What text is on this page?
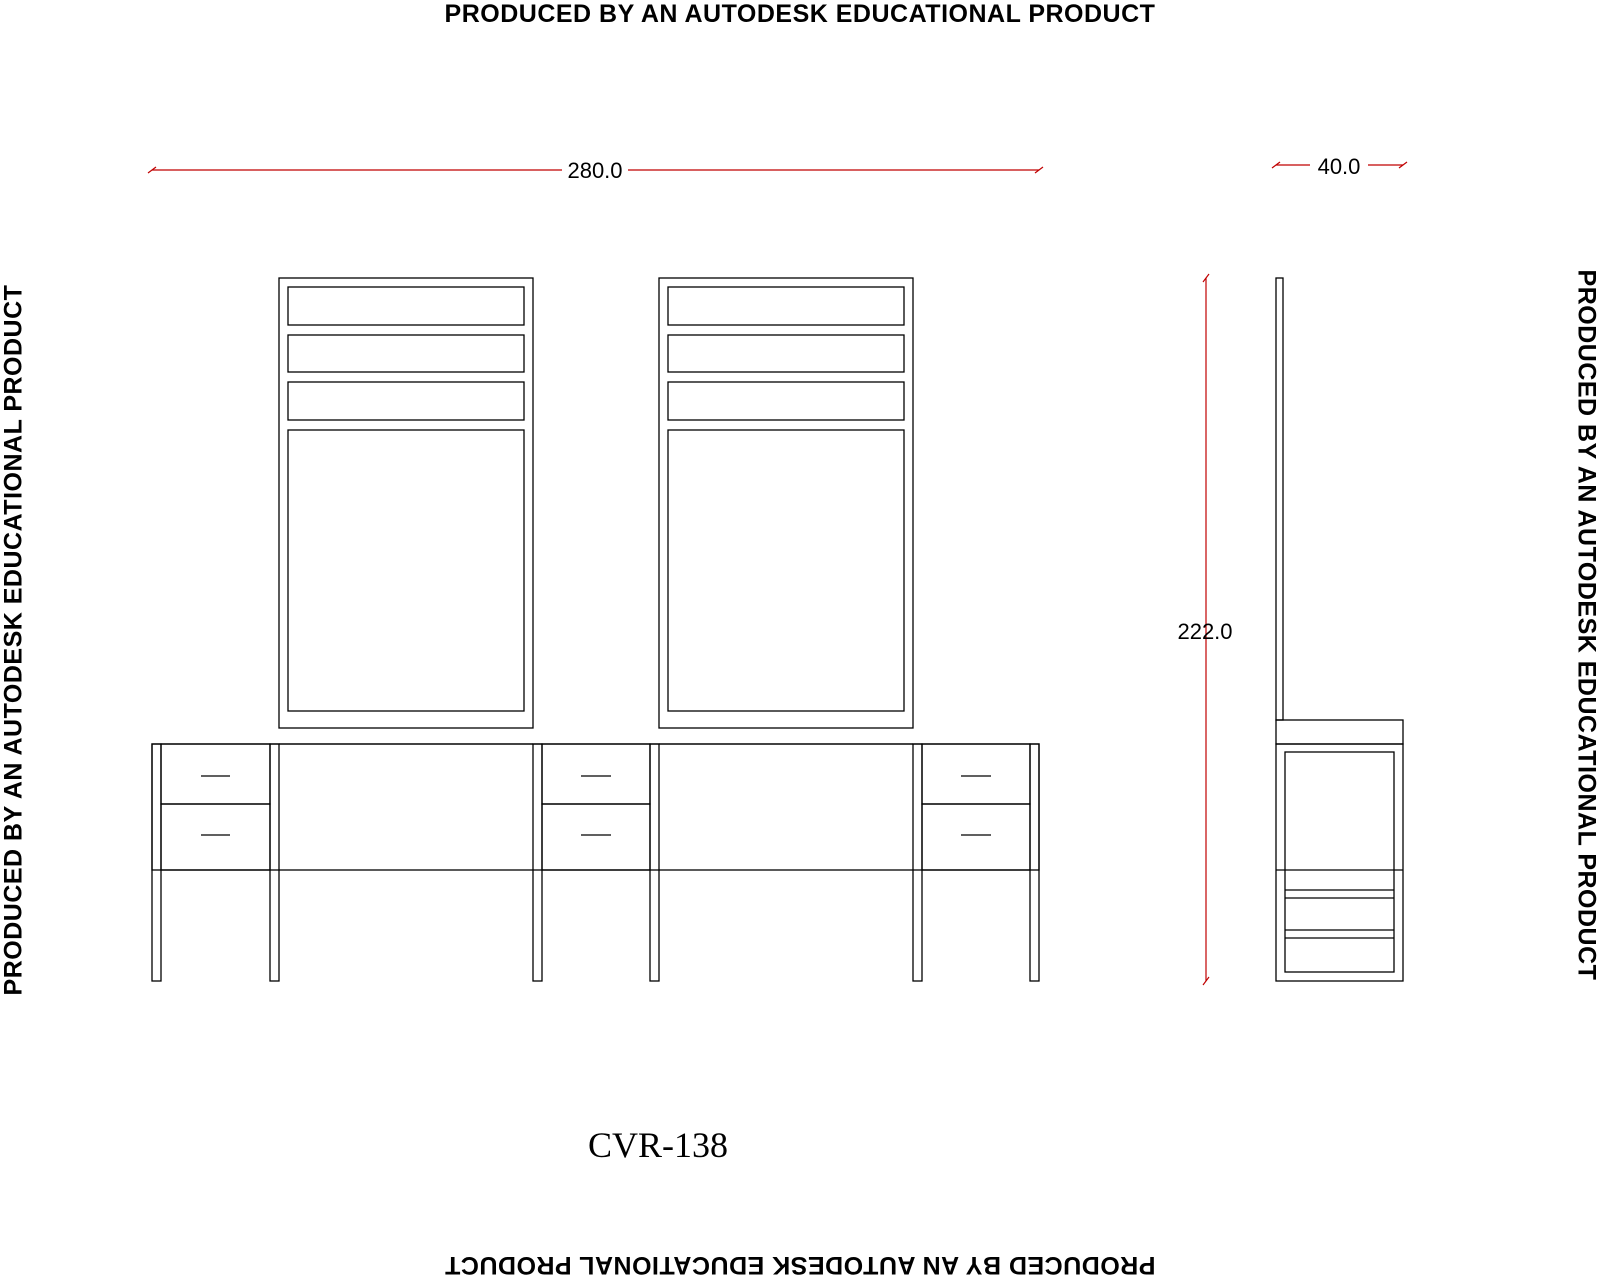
PRODUCED BY AN AUTODESK EDUCATIONAL PRODUCT
PRODUCED BY AN AUTODESK EDUCATIONAL PRODUCT
PRODUCED BY AN AUTODESK EDUCATIONAL PRODUCT	PRODUCED BY AN AUTODESK EDUCATIONAL PRODUCT
280.0	40.0
222.0
CVR-138
